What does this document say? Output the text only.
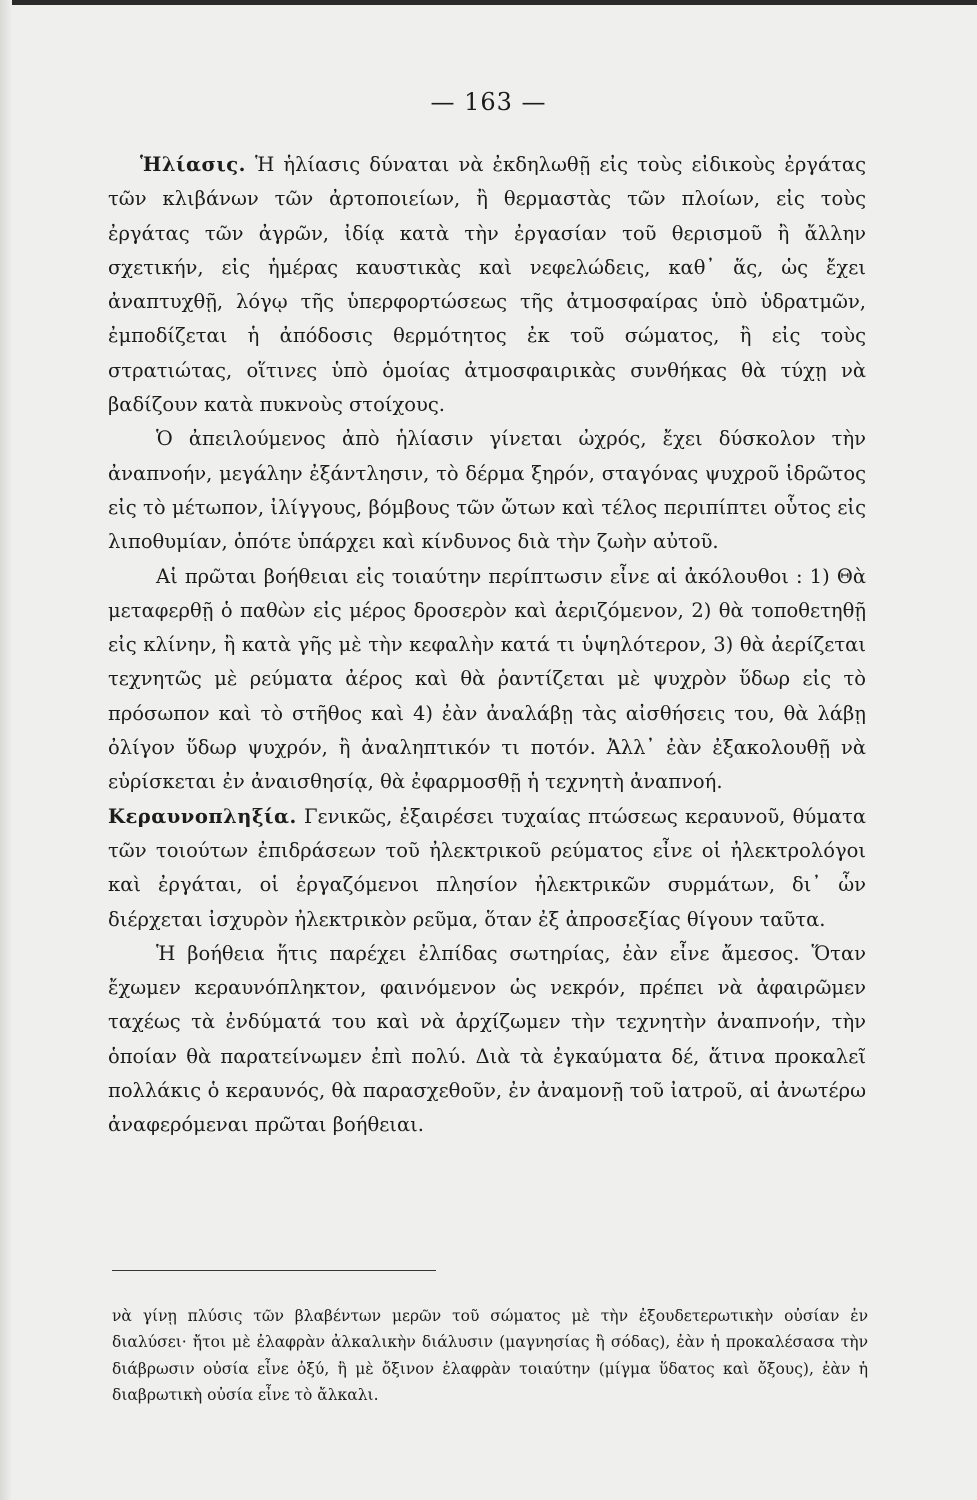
— 163 —

Ἡλίασις. Ἡ ἡλίασις δύναται νὰ ἐκδηλωθῇ εἰς τοὺς εἰδικοὺς ἐργάτας τῶν κλιβάνων τῶν ἀρτοποιείων, ἢ θερμαστὰς τῶν πλοίων, εἰς τοὺς ἐργάτας τῶν ἀγρῶν, ἰδίᾳ κατὰ τὴν ἐργασίαν τοῦ θερισμοῦ ἢ ἄλλην σχετικήν, εἰς ἡμέρας καυστικὰς καὶ νεφελώδεις, καθ᾽ ἅς, ὡς ἔχει ἀναπτυχθῇ, λόγῳ τῆς ὑπερφορτώσεως τῆς ἀτμοσφαίρας ὑπὸ ὑδρατμῶν, ἐμποδίζεται ἡ ἀπόδοσις θερμότητος ἐκ τοῦ σώματος, ἢ εἰς τοὺς στρατιώτας, οἵτινες ὑπὸ ὁμοίας ἀτμοσφαιρικὰς συνθήκας θὰ τύχῃ νὰ βαδίζουν κατὰ πυκνοὺς στοίχους.

Ὁ ἀπειλούμενος ἀπὸ ἡλίασιν γίνεται ὠχρός, ἔχει δύσκολον τὴν ἀναπνοήν, μεγάλην ἐξάντλησιν, τὸ δέρμα ξηρόν, σταγόνας ψυχροῦ ἱδρῶτος εἰς τὸ μέτωπον, ἰλίγγους, βόμβους τῶν ὤτων καὶ τέλος περιπίπτει οὗτος εἰς λιποθυμίαν, ὁπότε ὑπάρχει καὶ κίνδυνος διὰ τὴν ζωὴν αὐτοῦ.

Αἱ πρῶται βοήθειαι εἰς τοιαύτην περίπτωσιν εἶνε αἱ ἀκόλουθοι : 1) Θὰ μεταφερθῇ ὁ παθὼν εἰς μέρος δροσερὸν καὶ ἀεριζόμενον, 2) θὰ τοποθετηθῇ εἰς κλίνην, ἢ κατὰ γῆς μὲ τὴν κεφαλὴν κατά τι ὑψηλότερον, 3) θὰ ἀερίζεται τεχνητῶς μὲ ρεύματα ἀέρος καὶ θὰ ῥαντίζεται μὲ ψυχρὸν ὕδωρ εἰς τὸ πρόσωπον καὶ τὸ στῆθος καὶ 4) ἐὰν ἀναλάβῃ τὰς αἰσθήσεις του, θὰ λάβῃ ὀλίγον ὕδωρ ψυχρόν, ἢ ἀναληπτικόν τι ποτόν. Ἀλλ᾽ ἐὰν ἐξακολουθῇ νὰ εὑρίσκεται ἐν ἀναισθησίᾳ, θὰ ἐφαρμοσθῇ ἡ τεχνητὴ ἀναπνοή.

Κεραυνοπληξία. Γενικῶς, ἐξαιρέσει τυχαίας πτώσεως κεραυνοῦ, θύματα τῶν τοιούτων ἐπιδράσεων τοῦ ἠλεκτρικοῦ ρεύματος εἶνε οἱ ἠλεκτρολόγοι καὶ ἐργάται, οἱ ἐργαζόμενοι πλησίον ἠλεκτρικῶν συρμάτων, δι᾽ ὧν διέρχεται ἰσχυρὸν ἠλεκτρικὸν ρεῦμα, ὅταν ἐξ ἀπροσεξίας θίγουν ταῦτα.

Ἡ βοήθεια ἥτις παρέχει ἐλπίδας σωτηρίας, ἐὰν εἶνε ἄμεσος. Ὅταν ἔχωμεν κεραυνόπληκτον, φαινόμενον ὡς νεκρόν, πρέπει νὰ ἀφαιρῶμεν ταχέως τὰ ἐνδύματά του καὶ νὰ ἀρχίζωμεν τὴν τεχνητὴν ἀναπνοήν, τὴν ὁποίαν θὰ παρατείνωμεν ἐπὶ πολύ. Διὰ τὰ ἐγκαύματα δέ, ἅτινα προκαλεῖ πολλάκις ὁ κεραυνός, θὰ παρασχεθοῦν, ἐν ἀναμονῇ τοῦ ἰατροῦ, αἱ ἀνωτέρω ἀναφερόμεναι πρῶται βοήθειαι.

νὰ γίνῃ πλύσις τῶν βλαβέντων μερῶν τοῦ σώματος μὲ τὴν ἐξουδετερωτικὴν οὐσίαν ἐν διαλύσει· ἤτοι μὲ ἐλαφρὰν ἀλκαλικὴν διάλυσιν (μαγνησίας ἢ σόδας), ἐὰν ἡ προκαλέσασα τὴν διάβρωσιν οὐσία εἶνε ὀξύ, ἢ μὲ ὄξινον ἐλαφρὰν τοιαύτην (μίγμα ὕδατος καὶ ὄξους), ἐὰν ἡ διαβρωτικὴ οὐσία εἶνε τὸ ἄλκαλι.
